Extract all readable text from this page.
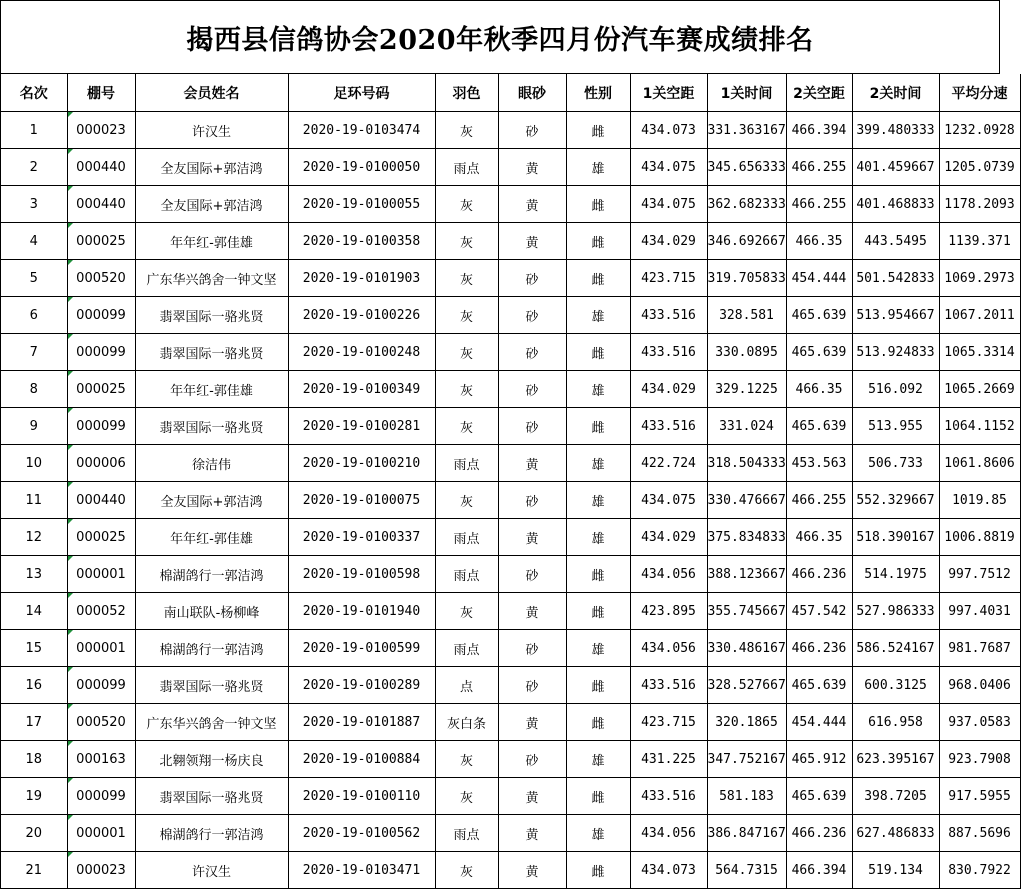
揭西县信鸽协会2020年秋季四月份汽车赛成绩排名
名次	棚号	会员姓名	足环号码	羽色	眼砂	性别	1关空距	1关时间	2关空距	2关时间	平均分速
1	000023	许汉生	2020-19-0103474	灰	砂	雌	434.073	331.363167	466.394	399.480333	1232.0928
2	000440	全友国际+郭洁鸿	2020-19-0100050	雨点	黄	雄	434.075	345.656333	466.255	401.459667	1205.0739
3	000440	全友国际+郭洁鸿	2020-19-0100055	灰	黄	雌	434.075	362.682333	466.255	401.468833	1178.2093
4	000025	年年红-郭佳雄	2020-19-0100358	灰	黄	雌	434.029	346.692667	466.35	443.5495	1139.371
5	000520	广东华兴鸽舍一钟文坚	2020-19-0101903	灰	砂	雌	423.715	319.705833	454.444	501.542833	1069.2973
6	000099	翡翠国际一骆兆贤	2020-19-0100226	灰	砂	雄	433.516	328.581	465.639	513.954667	1067.2011
7	000099	翡翠国际一骆兆贤	2020-19-0100248	灰	砂	雌	433.516	330.0895	465.639	513.924833	1065.3314
8	000025	年年红-郭佳雄	2020-19-0100349	灰	砂	雄	434.029	329.1225	466.35	516.092	1065.2669
9	000099	翡翠国际一骆兆贤	2020-19-0100281	灰	砂	雌	433.516	331.024	465.639	513.955	1064.1152
10	000006	徐洁伟	2020-19-0100210	雨点	黄	雄	422.724	318.504333	453.563	506.733	1061.8606
11	000440	全友国际+郭洁鸿	2020-19-0100075	灰	砂	雄	434.075	330.476667	466.255	552.329667	1019.85
12	000025	年年红-郭佳雄	2020-19-0100337	雨点	黄	雄	434.029	375.834833	466.35	518.390167	1006.8819
13	000001	棉湖鸽行一郭洁鸿	2020-19-0100598	雨点	砂	雌	434.056	388.123667	466.236	514.1975	997.7512
14	000052	南山联队-杨柳峰	2020-19-0101940	灰	黄	雌	423.895	355.745667	457.542	527.986333	997.4031
15	000001	棉湖鸽行一郭洁鸿	2020-19-0100599	雨点	砂	雄	434.056	330.486167	466.236	586.524167	981.7687
16	000099	翡翠国际一骆兆贤	2020-19-0100289	点	砂	雌	433.516	328.527667	465.639	600.3125	968.0406
17	000520	广东华兴鸽舍一钟文坚	2020-19-0101887	灰白条	黄	雌	423.715	320.1865	454.444	616.958	937.0583
18	000163	北翱领翔一杨庆良	2020-19-0100884	灰	砂	雄	431.225	347.752167	465.912	623.395167	923.7908
19	000099	翡翠国际一骆兆贤	2020-19-0100110	灰	黄	雌	433.516	581.183	465.639	398.7205	917.5955
20	000001	棉湖鸽行一郭洁鸿	2020-19-0100562	雨点	黄	雄	434.056	386.847167	466.236	627.486833	887.5696
21	000023	许汉生	2020-19-0103471	灰	黄	雌	434.073	564.7315	466.394	519.134	830.7922
